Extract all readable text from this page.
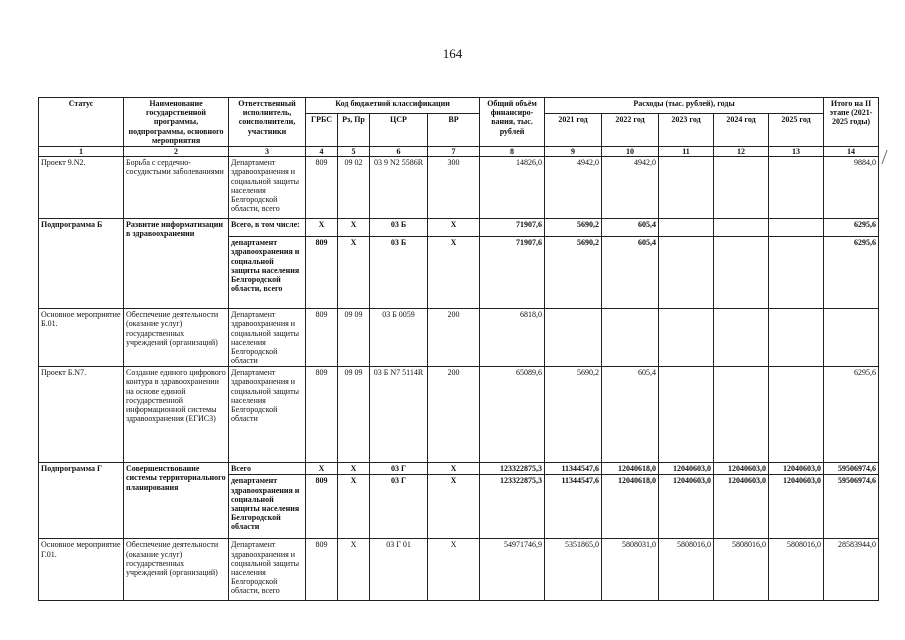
164
Статус	Наименование государственной программы, подпрограммы, основного мероприятия	Ответственный исполнитель, соисполнители, участники	Код бюджетной классификации				Общий объём финансиро-вания, тыс. рублей	Расходы (тыс. рублей), годы					Итого на II этапе (2021-2025 годы)
			ГРБС	Рз, Пр	ЦСР	ВР		2021 год	2022 год	2023 год	2024 год	2025 год	
1	2	3	4	5	6	7	8	9	10	11	12	13	14
Проект 9.N2.	Борьба с сердечно-сосудистыми заболеваниями	Департамент здравоохранения и социальной защиты населения Белгородской области, всего	809	09 02	03 9 N2 5586R	300	14826,0	4942,0	4942,0				9884,0
Подпрограмма Б	Развитие информатизации в здравоохранении	Всего, в том числе:	Х	Х	03 Б	Х	71907,6	5690,2	605,4				6295,6
		департамент здравоохранения и социальной защиты населения Белгородской области, всего	809	Х	03 Б	Х	71907,6	5690,2	605,4				6295,6
Основное мероприятие Б.01.	Обеспечение деятельности (оказание услуг) государственных учреждений (организаций)	Департамент здравоохранения и социальной защиты населения Белгородской области	809	09 09	03 Б 0059	200	6818,0						
Проект Б.N7.	Создание единого цифрового контура в здравоохранении на основе единой государственной информационной системы здравоохранения (ЕГИСЗ)	Департамент здравоохранения и социальной защиты населения Белгородской области	809	09 09	03 Б N7 5114R	200	65089,6	5690,2	605,4				6295,6
Подпрограмма Г	Совершенствование системы территориального планирования	Всего	Х	Х	03 Г	Х	123322875,3	11344547,6	12040618,0	12040603,0	12040603,0	12040603,0	59506974,6
		департамент здравоохранения и социальной защиты населения Белгородской области	809	Х	03 Г	Х	123322875,3	11344547,6	12040618,0	12040603,0	12040603,0	12040603,0	59506974,6
Основное мероприятие Г.01.	Обеспечение деятельности (оказание услуг) государственных учреждений (организаций)	Департамент здравоохранения и социальной защиты населения Белгородской области, всего	809	Х	03 Г 01	Х	54971746,9	5351865,0	5808031,0	5808016,0	5808016,0	5808016,0	28583944,0
